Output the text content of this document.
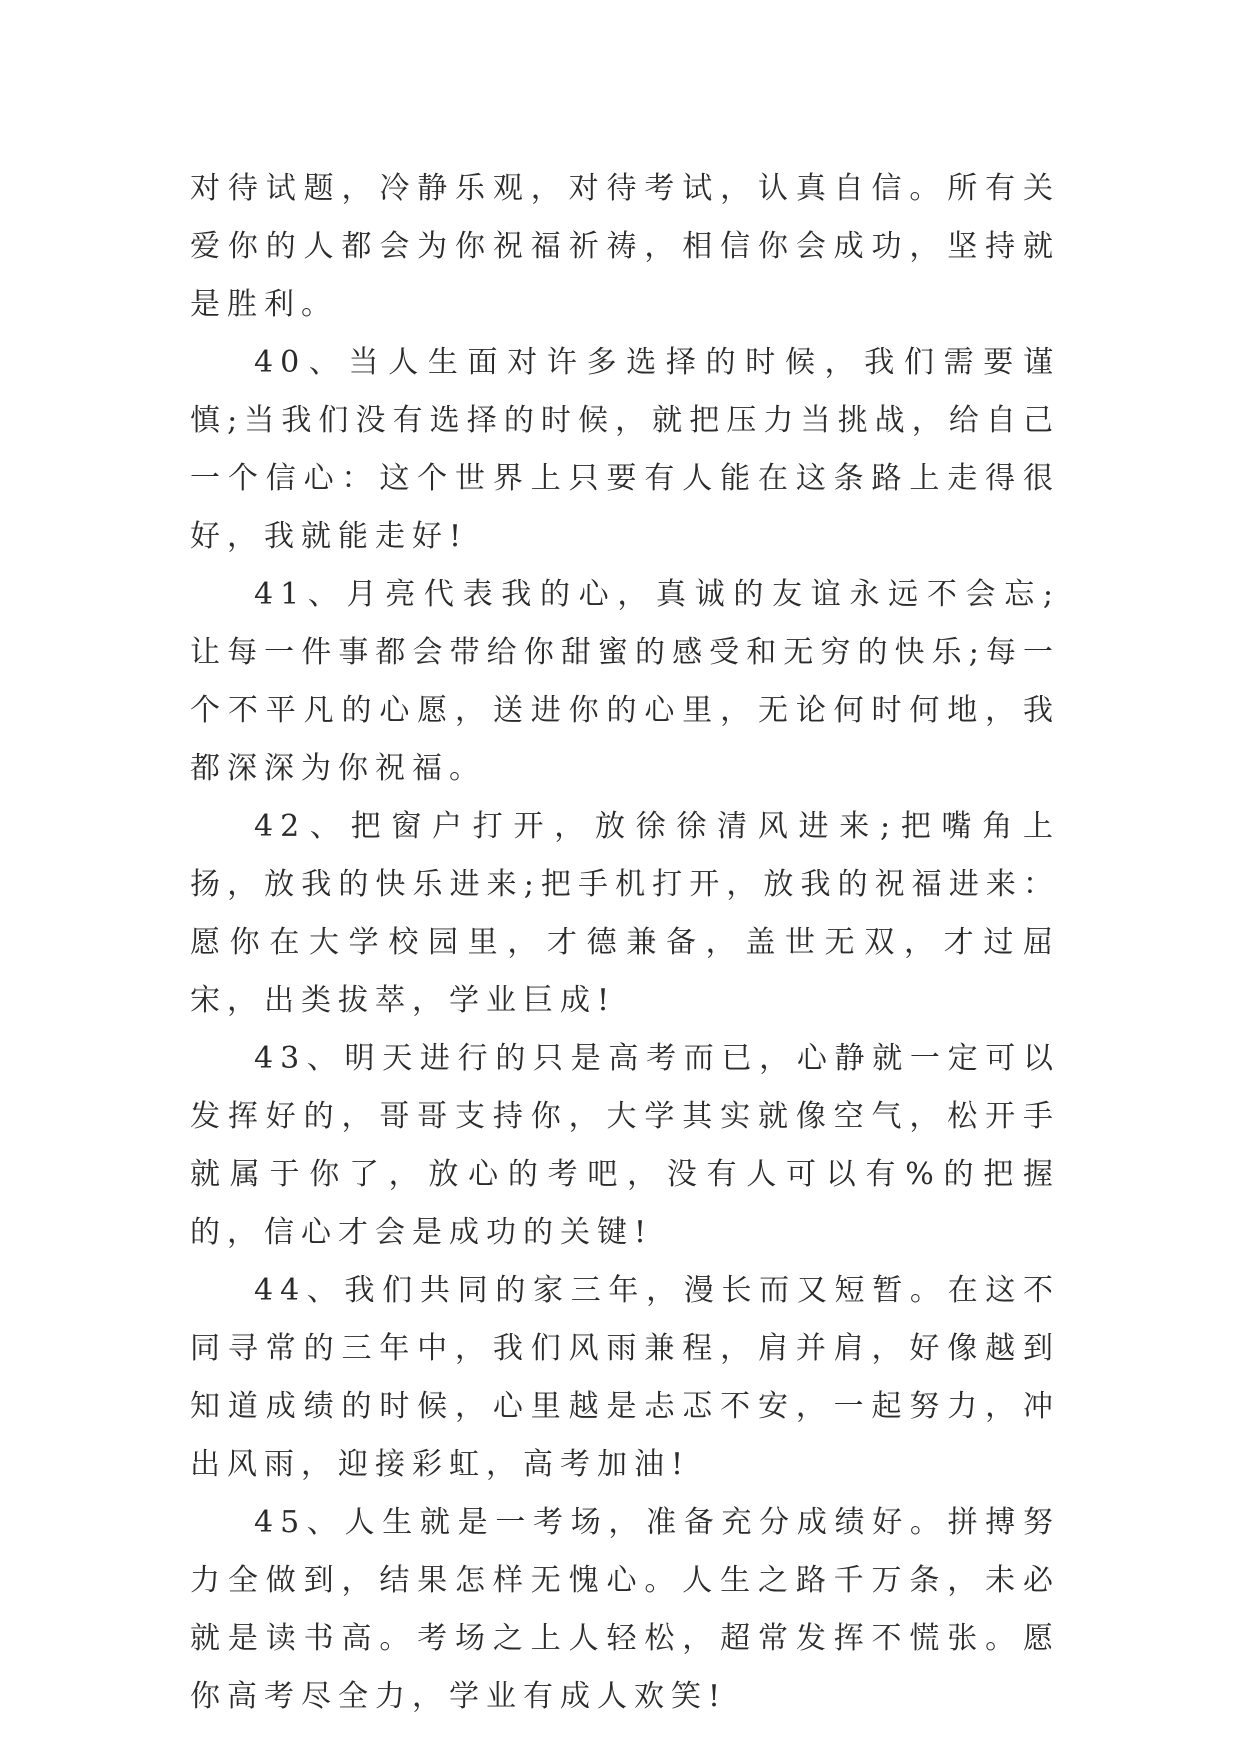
对待试题，冷静乐观，对待考试，认真自信。所有关爱你的人都会为你祝福祈祷，相信你会成功，坚持就是胜利。

40、当人生面对许多选择的时候，我们需要谨慎;当我们没有选择的时候，就把压力当挑战，给自己一个信心：这个世界上只要有人能在这条路上走得很好，我就能走好!

41、月亮代表我的心，真诚的友谊永远不会忘;让每一件事都会带给你甜蜜的感受和无穷的快乐;每一个不平凡的心愿，送进你的心里，无论何时何地，我都深深为你祝福。

42、把窗户打开，放徐徐清风进来;把嘴角上扬，放我的快乐进来;把手机打开，放我的祝福进来：愿你在大学校园里，才德兼备，盖世无双，才过屈宋，出类拔萃，学业巨成!

43、明天进行的只是高考而已，心静就一定可以发挥好的，哥哥支持你，大学其实就像空气，松开手就属于你了，放心的考吧，没有人可以有%的把握的，信心才会是成功的关键!

44、我们共同的家三年，漫长而又短暂。在这不同寻常的三年中，我们风雨兼程，肩并肩，好像越到知道成绩的时候，心里越是忐忑不安，一起努力，冲出风雨，迎接彩虹，高考加油!

45、人生就是一考场，准备充分成绩好。拼搏努力全做到，结果怎样无愧心。人生之路千万条，未必就是读书高。考场之上人轻松，超常发挥不慌张。愿你高考尽全力，学业有成人欢笑!
